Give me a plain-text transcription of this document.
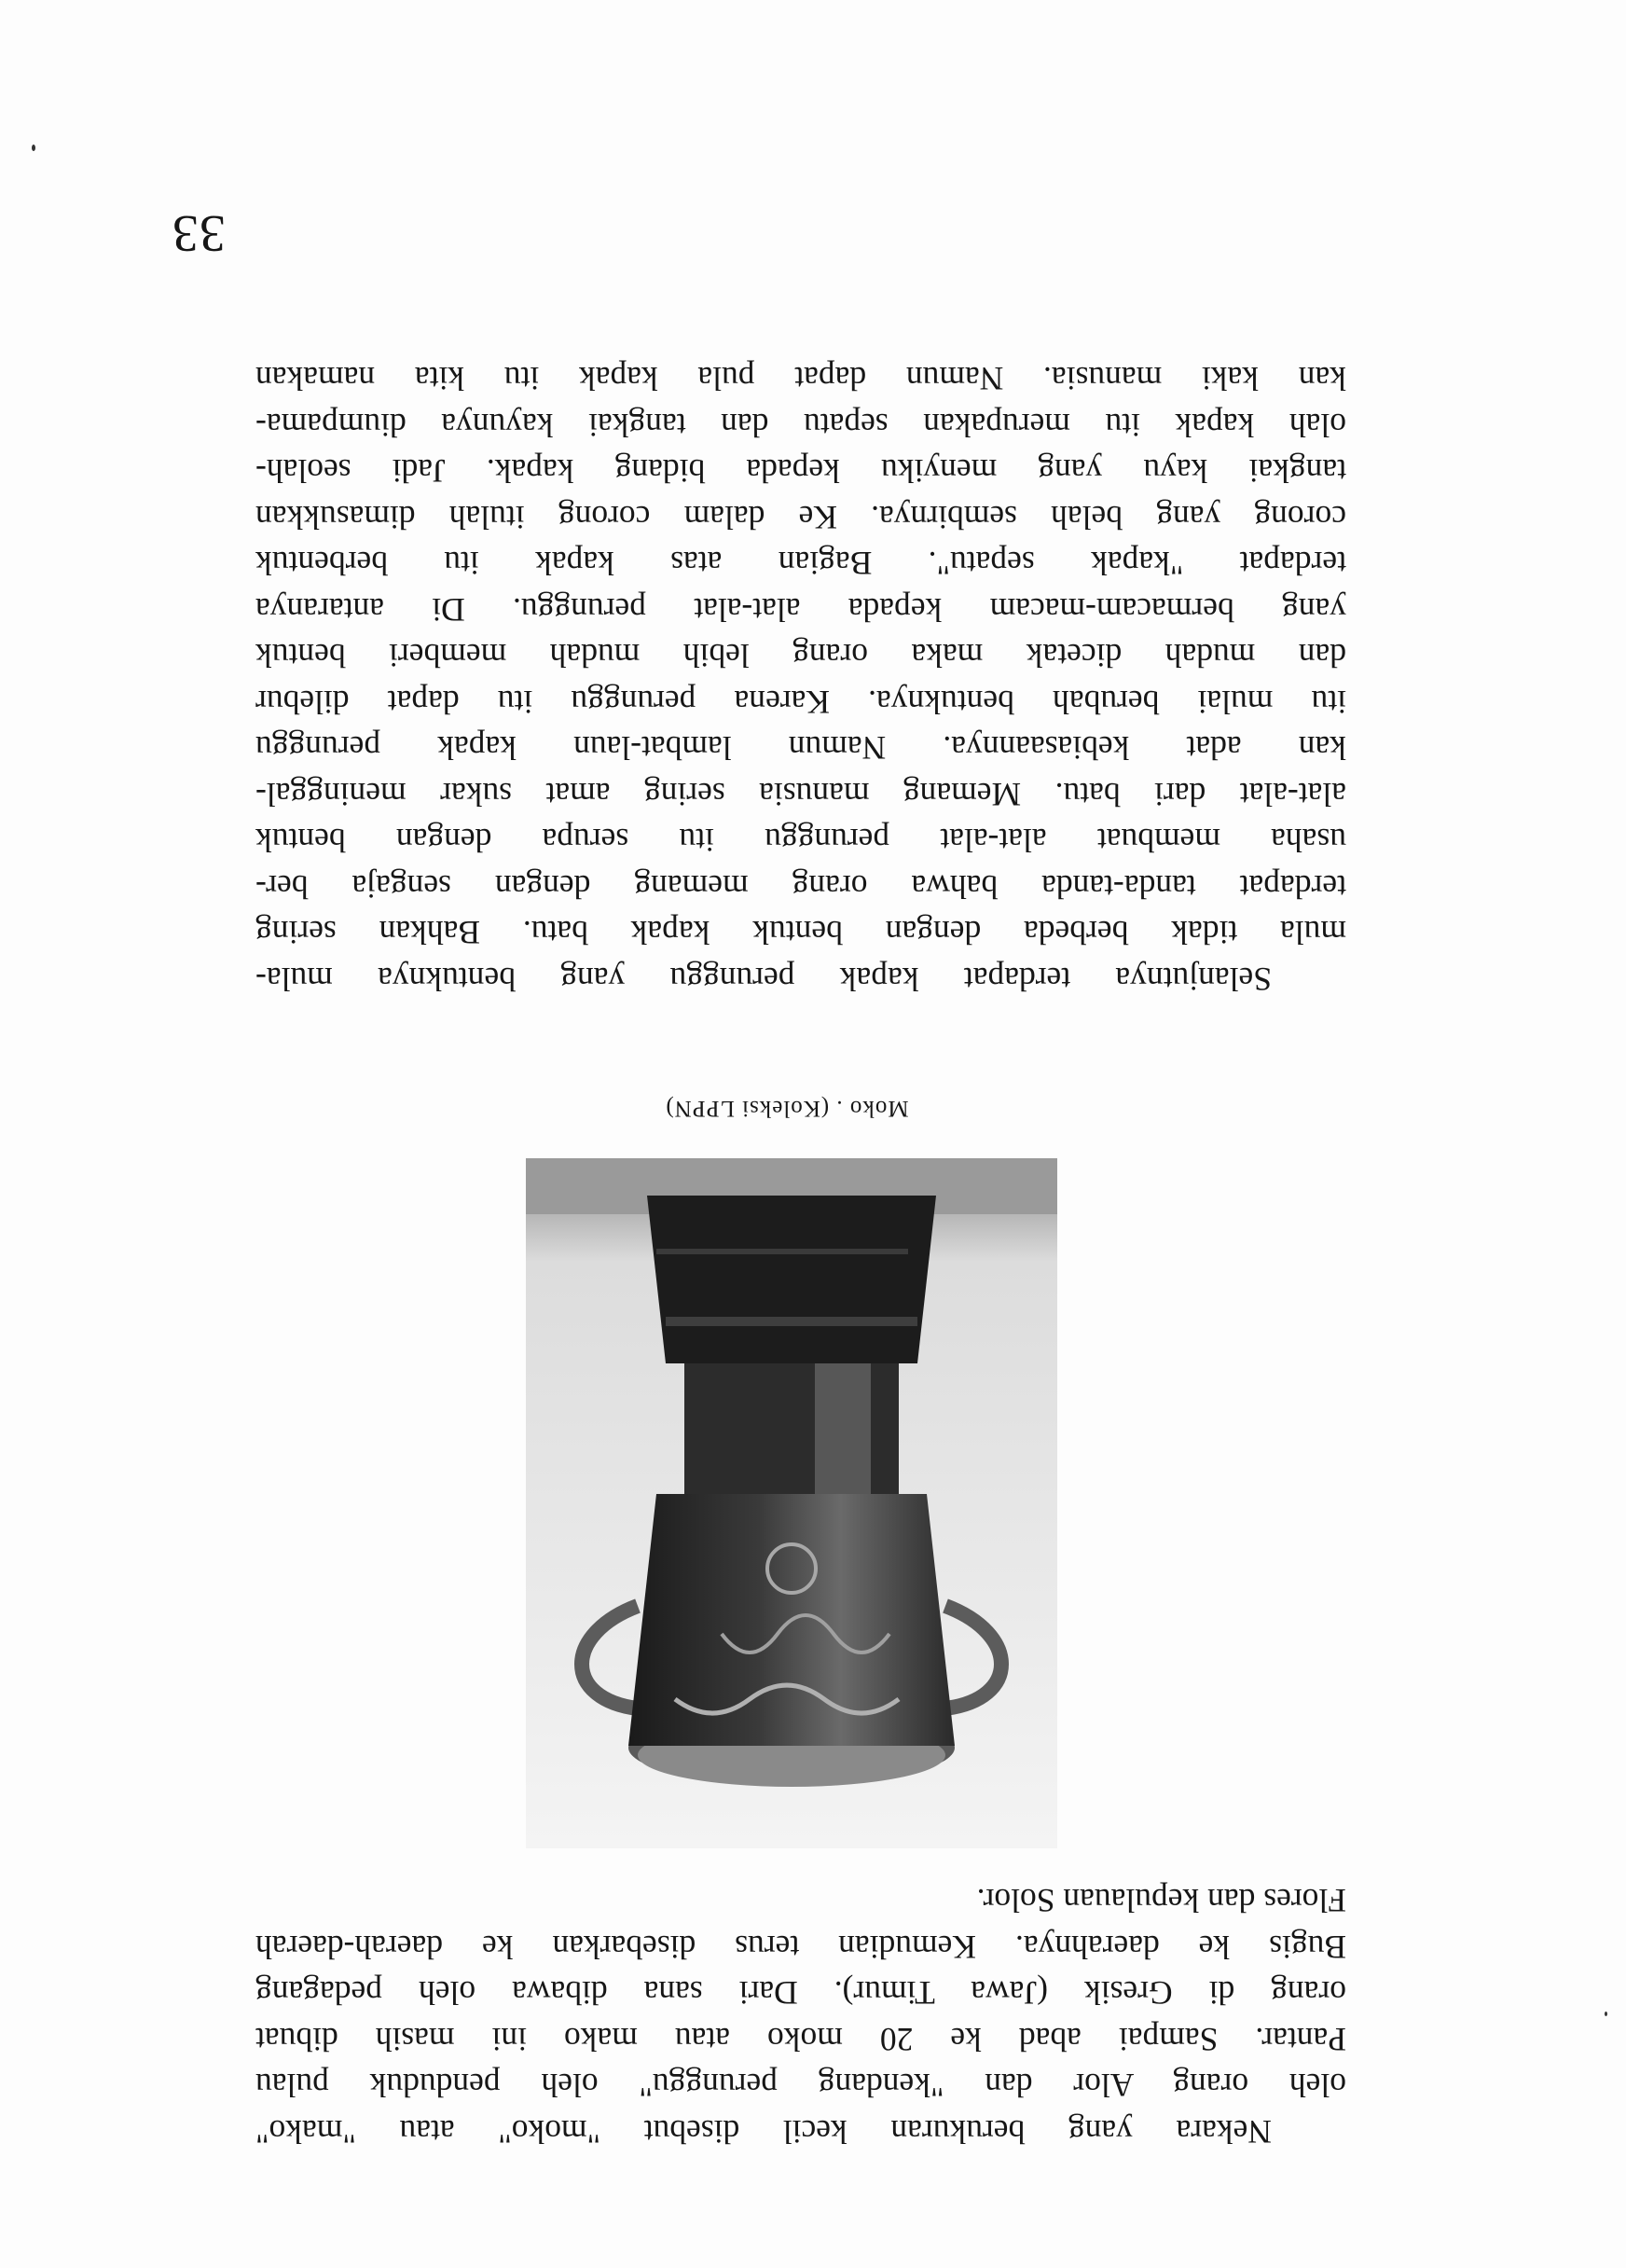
Nekara yang berukuran kecil disebut "moko" atau "mako"
oleh orang Alor dan "kendang perunggu" oleh penduduk pulau
Pantar. Sampai abad ke 20 moko atau mako ini masih dibuat
orang di Gresik (Jawa Timur). Dari sana dibawa oleh pedagang
Bugis ke daerahnya. Kemudian terus disebarkan ke daerah-daerah
Flores dan kepulauan Solor.
Moko . (Koleksi LPPN)
Selanjutnya terdapat kapak perunggu yang bentuknya mula-
mula tidak berbeda dengan bentuk kapak batu. Bahkan sering
terdapat tanda-tanda bahwa orang memang dengan sengaja ber-
usaha membuat alat-alat perunggu itu serupa dengan bentuk
alat-alat dari batu. Memang manusia sering amat sukar meninggal-
kan adat kebiasaannya. Namun lambat-laun kapak perunggu
itu mulai berubah bentuknya. Karena perunggu itu dapat dilebur
dan mudah dicetak maka orang lebih mudah memberi bentuk
yang bermacam-macam kepada alat-alat perunggu. Di antaranya
terdapat "kapak sepatu". Bagian atas kapak itu berbentuk
corong yang belah sembirnya. Ke dalam corong itulah dimasukkan
tangkai kayu yang menyiku kepada bidang kapak. Jadi seolah-
olah kapak itu merupakan sepatu dan tangkai kayunya diumpama-
kan kaki manusia. Namun dapat pula kapak itu kita namakan
33
